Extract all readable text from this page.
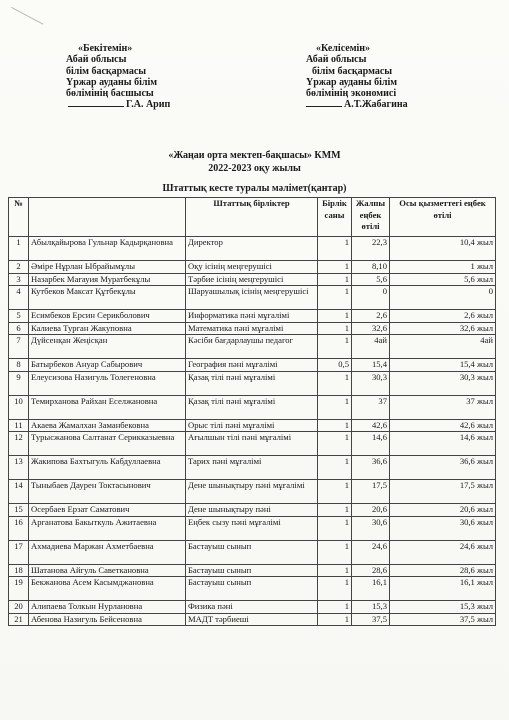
«Бекітемін»
Абай облысы
білім басқармасы
Үржар ауданы білім
бөлімінің басшысы
Г.А. Арип
«Келісемін»
Абай облысы
білім басқармасы
Үржар ауданы білім
бөлімінің экономисі
А.Т.Жабагина
«Жаңаи орта мектеп-бақшасы» КММ
2022-2023 оқу жылы
Штаттық кесте туралы мәлімет(қантар)
№		Штаттық бірліктер	Бірлік саны	Жалпы еңбек өтілі	Осы қызметтегі еңбек өтілі
1	Абылқайырова Гульнар Кадырқановна	Директор	1	22,3	10,4 жыл
2	Әміре Нұрлан Ыбрайымұлы	Оқу ісінің меңгерушісі	1	8,10	1 жыл
3	Назарбек Мағауия Муратбекұлы	Тәрбие ісінің меңгерушісі	1	5,6	5,6 жыл
4	Кутбеков Максат Құтбекұлы	Шаруашылық ісінің меңгерушісі	1	0	0
5	Есимбеков Ерсин Серикболович	Информатика пәні мұғалімі	1	2,6	2,6 жыл
6	Калиева Турган Жакуповна	Математика пәні мұғалімі	1	32,6	32,6 жыл
7	Дүйсенқан Жеңісқан	Кәсіби бағдарлаушы педагог	1	4ай	4ай
8	Батырбеков Ануар Сабырович	География пәні мұғалімі	0,5	15,4	15,4 жыл
9	Елеусизова Назигуль Толегеновна	Қазақ тілі пәні мұғалімі	1	30,3	30,3 жыл
10	Темирханова Райхан Еселжановна	Қазақ тілі пәні мұғалімі	1	37	37 жыл
11	Акаева Жамалхан Заманбековна	Орыс тілі пәні мұғалімі	1	42,6	42,6 жыл
12	Турысжанова Салтанат Серикказыевна	Ағылшын тілі пәні мұғалімі	1	14,6	14,6 жыл
13	Жакипова Бахтыгуль Кабдуллаевна	Тарих пәні мұғалімі	1	36,6	36,6 жыл
14	Тыныбаев Даурен Токтасынович	Дене шынықтыру пәні мұғалімі	1	17,5	17,5 жыл
15	Осербаев Ерзат Саматович	Дене шынықтыру пәні	1	20,6	20,6 жыл
16	Арганатова Бакыткуль Ажитаевна	Еңбек сызу пәні мұғалімі	1	30,6	30,6 жыл
17	Ахмадиева Маржан Ахметбаевна	Бастауыш сынып	1	24,6	24,6 жыл
18	Шатанова Айгуль Саветкановна	Бастауыш сынып	1	28,6	28,6 жыл
19	Бекжанова Асем Касымджановна	Бастауыш сынып	1	16,1	16,1 жыл
20	Алипаева Толкын Нурлановна	Физика пәні	1	15,3	15,3 жыл
21	Абенова Назигуль Бейсеновна	МАДТ тәрбиеші	1	37,5	37,5 жыл
